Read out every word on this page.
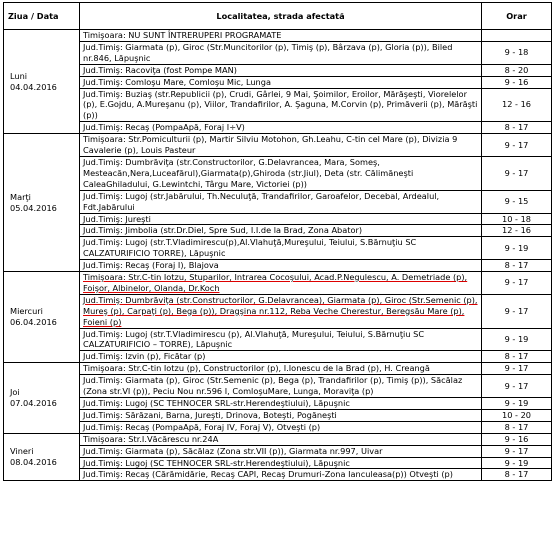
Ziua / Data	Localitatea, strada afectată	Orar

Luni
04.04.2016	Timişoara: NU SUNT ÎNTRERUPERI PROGRAMATE	
	Jud.Timiş: Giarmata (p), Giroc (Str.Muncitorilor (p), Timiş (p), Bârzava (p), Gloria (p)), Biled nr.846, Lăpuşnic	9 - 18
	Jud.Timiş: Racoviţa (fost Pompe MAN)	8 - 20
	Jud.Timiş: Comloşu Mare, Comloşu Mic, Lunga	9 - 16
	Jud.Timiş: Buziaş (str.Republicii (p), Crudi, Gârlei, 9 Mai, Şoimilor, Eroilor, Mărăşeşti, Viorelelor (p), E.Gojdu, A.Mureşanu (p), Viilor, Trandafirilor, A. Şaguna, M.Corvin (p), Primăverii (p), Mărăşti (p))	12 - 16
	Jud.Timiş: Recaş (PompaApă, Foraj I÷V)	8 - 17

Marţi
05.04.2016	Timişoara: Str.Pomiculturii (p), Martir Silviu Motohon, Gh.Leahu, C-tin cel Mare (p), Divizia 9 Cavalerie (p), Louis Pasteur	9 - 17
	Jud.Timiş: Dumbrăviţa (str.Constructorilor, G.Delavrancea, Mara, Someş, Mesteacăn,Nera,Luceafărul),Giarmata(p),Ghiroda (str.Jiul), Deta (str. Călimăneşti CaleaGhiladului, G.Lewintchi, Târgu Mare, Victoriei (p))	9 - 17
	Jud.Timiş: Lugoj (str.Jabărului, Th.Neculuţă, Trandafirilor, Garoafelor, Decebal, Ardealul, Fdt.Jabărului	9 - 15
	Jud.Timiş: Jureşti	10 - 18
	Jud.Timiş: Jimbolia (str.Dr.Diel, Spre Sud, I.I.de la Brad, Zona Abator)	12 - 16
	Jud.Timiş: Lugoj (str.T.Vladimirescu(p),Al.Vlahuţă,Mureşului, Teiului, S.Bărnuţiu SC CALZATURIFICIO TORRE), Lăpuşnic	9 - 19
	Jud.Timiş: Recaş (Foraj I), Blajova	8 - 17

Miercuri
06.04.2016	Timişoara: Str.C-tin Iotzu, Stuparilor, Intrarea Cocoşului, Acad.P.Negulescu, A. Demetriade (p), Foişor, Albinelor, Olanda, Dr.Koch	9 - 17
	Jud.Timiş: Dumbrăviţa (str.Constructorilor, G.Delavrancea), Giarmata (p), Giroc (Str.Semenic (p), Mureş (p), Carpaţi (p), Bega (p)), Dragşina nr.112, Reba Veche Cherestur, Beregsău Mare (p), Foieni (p)	9 - 17
	Jud.Timiş: Lugoj (str.T.Vladimirescu (p), Al.Vlahuţă, Mureşului, Teiului, S.Bărnuţiu SC CALZATURIFICIO – TORRE), Lăpuşnic	9 - 19
	Jud.Timiş: Izvin (p), Ficătar (p)	8 - 17

Joi
07.04.2016	Timişoara: Str.C-tin Iotzu (p), Constructorilor (p), I.Ionescu de la Brad (p), H. Creangă	9 - 17
	Jud.Timiş: Giarmata (p), Giroc (Str.Semenic (p), Bega (p), Trandafirilor (p), Timiş (p)), Săcălaz (Zona str.VI (p)), Peciu Nou nr.596 I, ComloşuMare, Lunga, Moraviţa (p)	9 - 17
	Jud.Timiş: Lugoj (SC TEHNOCER SRL-str.Herendeştiului), Lăpuşnic	9 - 19
	Jud.Timiş: Sărăzani, Barna, Jureşti, Drinova, Boteşti, Pogăneşti	10 - 20
	Jud.Timiş: Recaş (PompaApă, Foraj IV, Foraj V), Otveşti (p)	8 - 17

Vineri
08.04.2016	Timişoara: Str.I.Văcărescu nr.24A	9 - 16
	Jud.Timiş: Giarmata (p), Săcălaz (Zona str.VII (p)), Giarmata nr.997, Uivar	9 - 17
	Jud.Timiş: Lugoj (SC TEHNOCER SRL-str.Herendeştiului), Lăpuşnic	9 - 19
	Jud.Timiş: Recaş (Cărămidărie, Recaş CAPI, Recaş Drumuri-Zona Ianculeasa(p)) Otveşti (p)	8 - 17
